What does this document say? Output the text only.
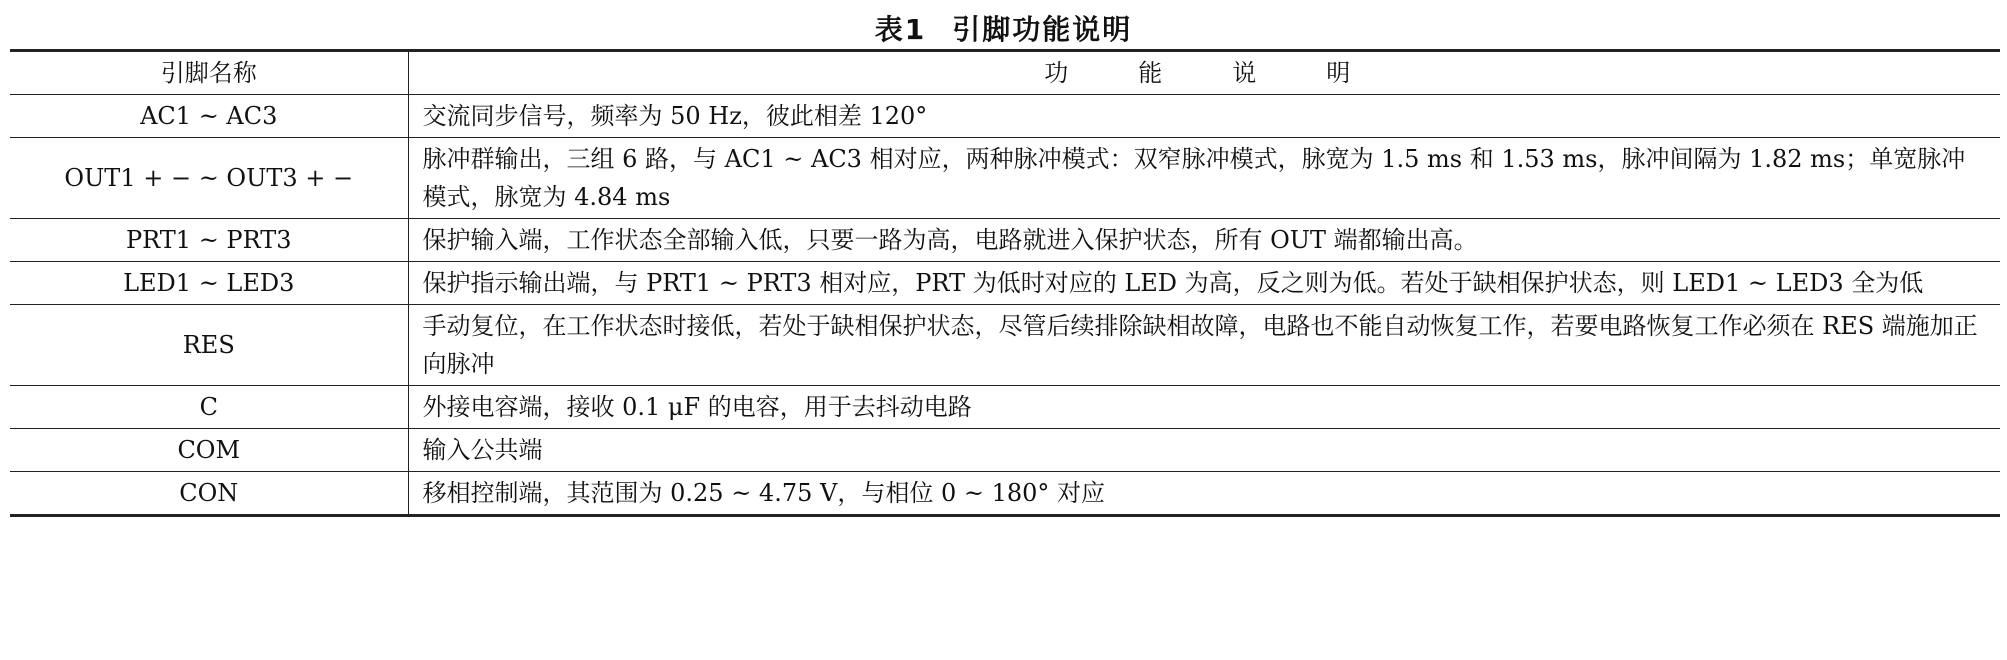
表1 引脚功能说明
引脚名称	功能说明
AC1 ~ AC3	交流同步信号，频率为 50 Hz，彼此相差 120°
OUT1 + − ~ OUT3 + −	脉冲群输出，三组 6 路，与 AC1 ~ AC3 相对应，两种脉冲模式：双窄脉冲模式，脉宽为 1.5 ms 和 1.53 ms，脉冲间隔为 1.82 ms；单宽脉冲模式，脉宽为 4.84 ms
PRT1 ~ PRT3	保护输入端，工作状态全部输入低，只要一路为高，电路就进入保护状态，所有 OUT 端都输出高。
LED1 ~ LED3	保护指示输出端，与 PRT1 ~ PRT3 相对应，PRT 为低时对应的 LED 为高，反之则为低。若处于缺相保护状态，则 LED1 ~ LED3 全为低
RES	手动复位，在工作状态时接低，若处于缺相保护状态，尽管后续排除缺相故障，电路也不能自动恢复工作，若要电路恢复工作必须在 RES 端施加正向脉冲
C	外接电容端，接收 0.1 μF 的电容，用于去抖动电路
COM	输入公共端
CON	移相控制端，其范围为 0.25 ~ 4.75 V，与相位 0 ~ 180° 对应
